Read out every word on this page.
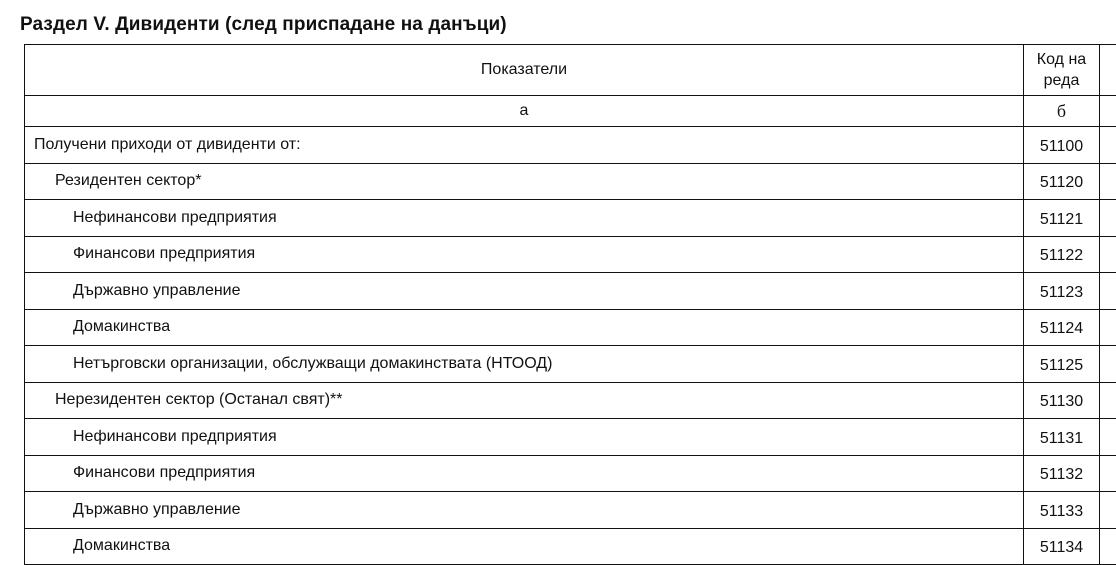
Раздел V. Дивиденти (след приспадане на данъци)
Показатели	Код на
реда	
а	б	
Получени приходи от дивиденти от:	51100	
Резидентен сектор*	51120	
Нефинансови предприятия	51121	
Финансови предприятия	51122	
Държавно управление	51123	
Домакинства	51124	
Нетърговски организации, обслужващи домакинствата (НТООД)	51125	
Нерезидентен сектор (Останал свят)**	51130	
Нефинансови предприятия	51131	
Финансови предприятия	51132	
Държавно управление	51133	
Домакинства	51134	
